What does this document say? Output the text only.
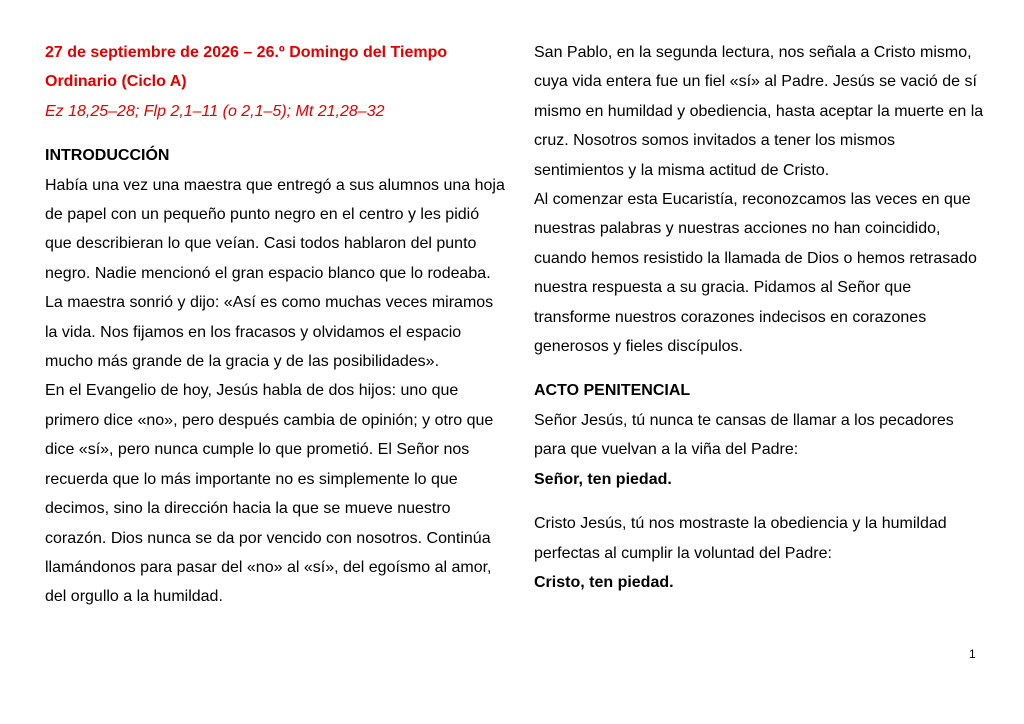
27 de septiembre de 2026 – 26.º Domingo del Tiempo Ordinario (Ciclo A)

Ez 18,25–28; Flp 2,1–11 (o 2,1–5); Mt 21,28–32

INTRODUCCIÓN

Había una vez una maestra que entregó a sus alumnos una hoja de papel con un pequeño punto negro en el centro y les pidió que describieran lo que veían. Casi todos hablaron del punto negro. Nadie mencionó el gran espacio blanco que lo rodeaba. La maestra sonrió y dijo: «Así es como muchas veces miramos la vida. Nos fijamos en los fracasos y olvidamos el espacio mucho más grande de la gracia y de las posibilidades».

En el Evangelio de hoy, Jesús habla de dos hijos: uno que primero dice «no», pero después cambia de opinión; y otro que dice «sí», pero nunca cumple lo que prometió. El Señor nos recuerda que lo más importante no es simplemente lo que decimos, sino la dirección hacia la que se mueve nuestro corazón. Dios nunca se da por vencido con nosotros. Continúa llamándonos para pasar del «no» al «sí», del egoísmo al amor, del orgullo a la humildad.

San Pablo, en la segunda lectura, nos señala a Cristo mismo, cuya vida entera fue un fiel «sí» al Padre. Jesús se vació de sí mismo en humildad y obediencia, hasta aceptar la muerte en la cruz. Nosotros somos invitados a tener los mismos sentimientos y la misma actitud de Cristo.

Al comenzar esta Eucaristía, reconozcamos las veces en que nuestras palabras y nuestras acciones no han coincidido, cuando hemos resistido la llamada de Dios o hemos retrasado nuestra respuesta a su gracia. Pidamos al Señor que transforme nuestros corazones indecisos en corazones generosos y fieles discípulos.

ACTO PENITENCIAL

Señor Jesús, tú nunca te cansas de llamar a los pecadores para que vuelvan a la viña del Padre:

Señor, ten piedad.

Cristo Jesús, tú nos mostraste la obediencia y la humildad perfectas al cumplir la voluntad del Padre:

Cristo, ten piedad.

1
